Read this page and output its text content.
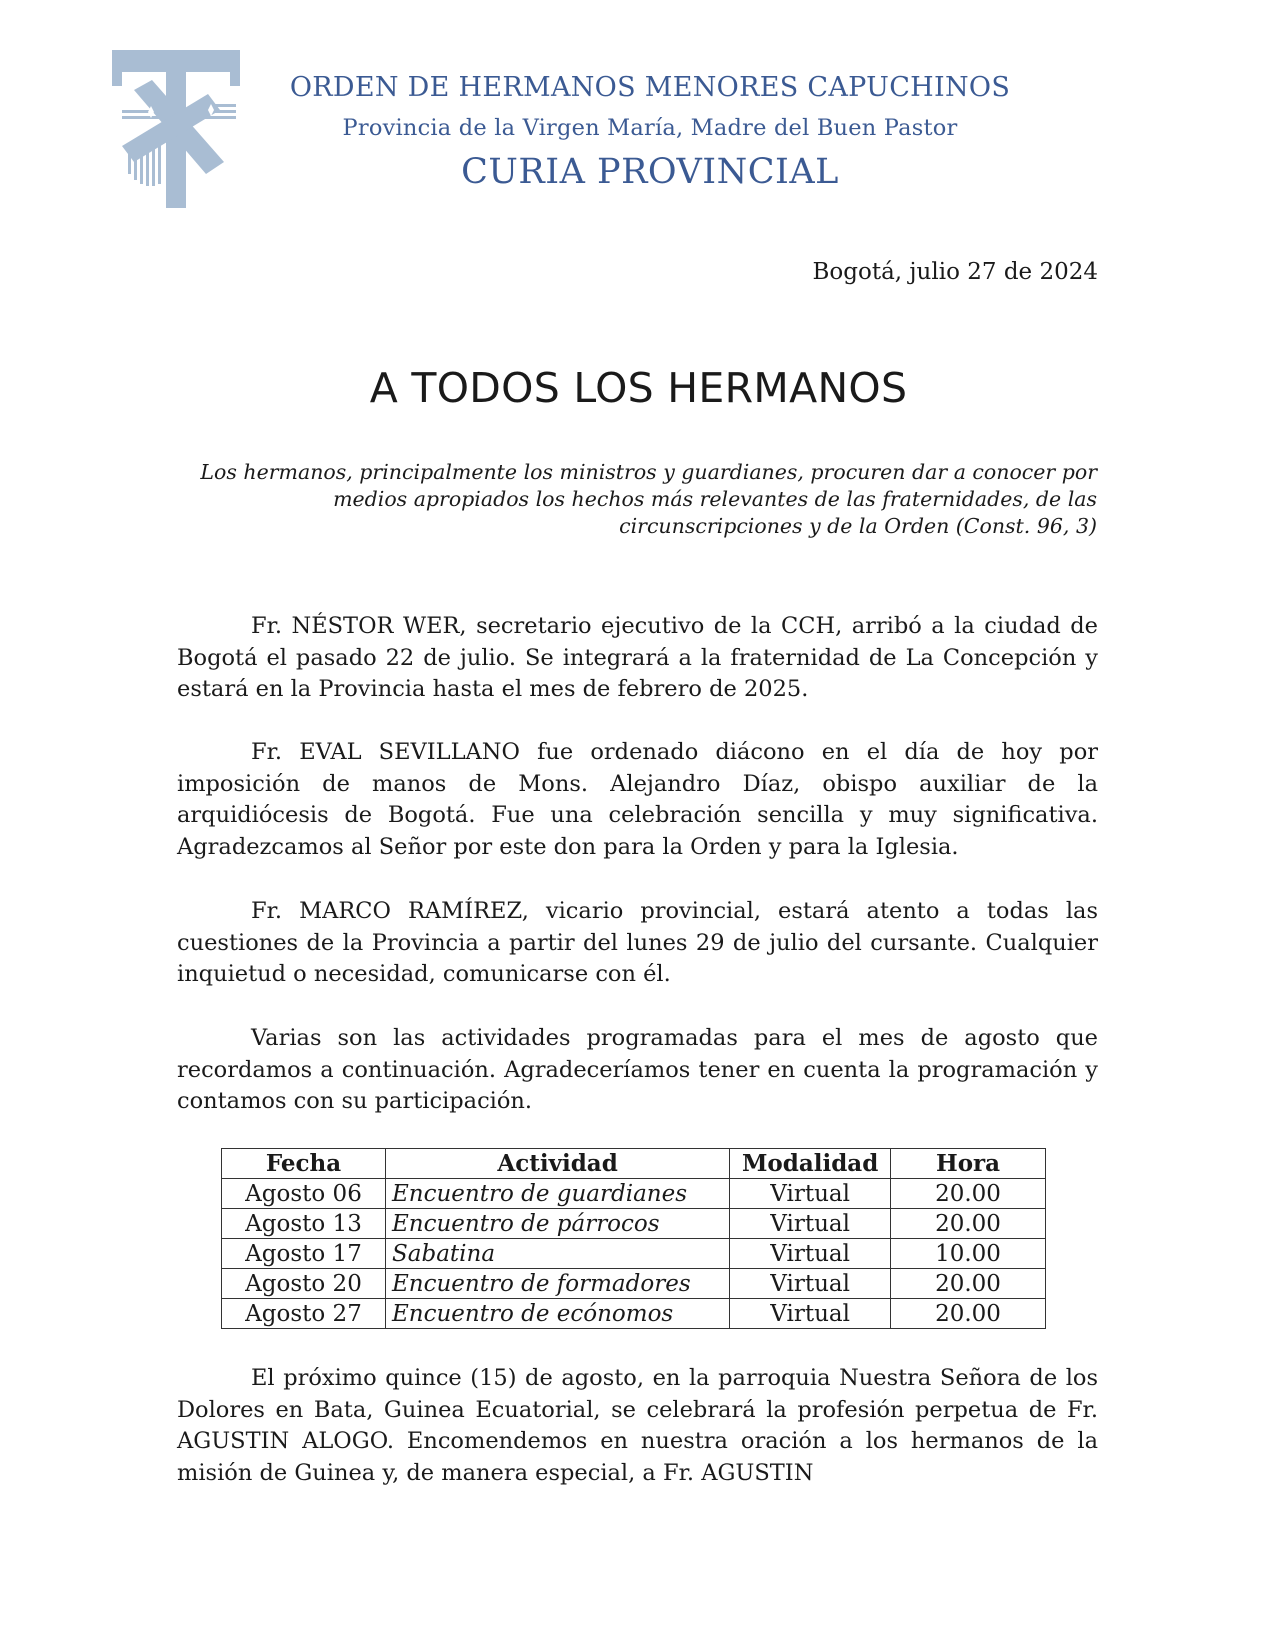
ORDEN DE HERMANOS MENORES CAPUCHINOS
Provincia de la Virgen María, Madre del Buen Pastor
CURIA PROVINCIAL
Bogotá, julio 27 de 2024
A TODOS LOS HERMANOS
Los hermanos, principalmente los ministros y guardianes, procuren dar a conocer por medios apropiados los hechos más relevantes de las fraternidades, de las circunscripciones y de la Orden (Const. 96, 3)

Fr. NÉSTOR WER, secretario ejecutivo de la CCH, arribó a la ciudad de Bogotá el pasado 22 de julio. Se integrará a la fraternidad de La Concepción y estará en la Provincia hasta el mes de febrero de 2025.

Fr. EVAL SEVILLANO fue ordenado diácono en el día de hoy por imposición de manos de Mons. Alejandro Díaz, obispo auxiliar de la arquidiócesis de Bogotá. Fue una celebración sencilla y muy significativa. Agradezcamos al Señor por este don para la Orden y para la Iglesia.

Fr. MARCO RAMÍREZ, vicario provincial, estará atento a todas las cuestiones de la Provincia a partir del lunes 29 de julio del cursante. Cualquier inquietud o necesidad, comunicarse con él.

Varias son las actividades programadas para el mes de agosto que recordamos a continuación. Agradeceríamos tener en cuenta la programación y contamos con su participación.

Fecha	Actividad	Modalidad	Hora
Agosto 06	Encuentro de guardianes	Virtual	20.00
Agosto 13	Encuentro de párrocos	Virtual	20.00
Agosto 17	Sabatina	Virtual	10.00
Agosto 20	Encuentro de formadores	Virtual	20.00
Agosto 27	Encuentro de ecónomos	Virtual	20.00

El próximo quince (15) de agosto, en la parroquia Nuestra Señora de los Dolores en Bata, Guinea Ecuatorial, se celebrará la profesión perpetua de Fr. AGUSTIN ALOGO. Encomendemos en nuestra oración a los hermanos de la misión de Guinea y, de manera especial, a Fr. AGUSTIN
